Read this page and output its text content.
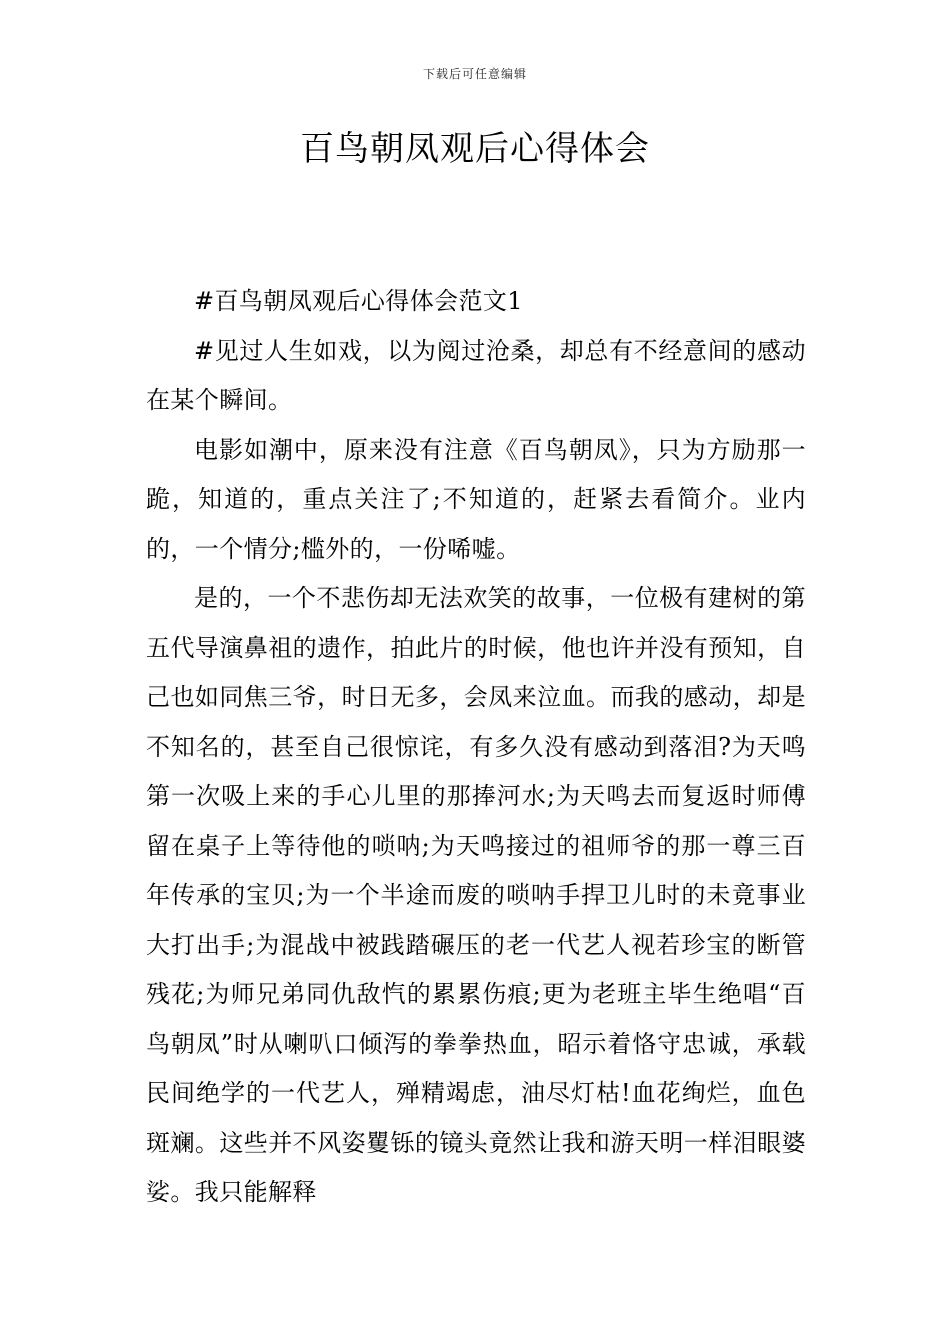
下载后可任意编辑
百鸟朝凤观后心得体会

#百鸟朝凤观后心得体会范文1

#见过人生如戏，以为阅过沧桑，却总有不经意间的感动在某个瞬间。

电影如潮中，原来没有注意《百鸟朝凤》，只为方励那一跪，知道的，重点关注了;不知道的，赶紧去看简介。业内的，一个情分;槛外的，一份唏嘘。

是的，一个不悲伤却无法欢笑的故事，一位极有建树的第五代导演鼻祖的遗作，拍此片的时候，他也许并没有预知，自己也如同焦三爷，时日无多，会凤来泣血。而我的感动，却是不知名的，甚至自己很惊诧，有多久没有感动到落泪?为天鸣第一次吸上来的手心儿里的那捧河水;为天鸣去而复返时师傅留在桌子上等待他的唢呐;为天鸣接过的祖师爷的那一尊三百年传承的宝贝;为一个半途而废的唢呐手捍卫儿时的未竟事业大打出手;为混战中被践踏碾压的老一代艺人视若珍宝的断管残花;为师兄弟同仇敌忾的累累伤痕;更为老班主毕生绝唱“百鸟朝凤”时从喇叭口倾泻的拳拳热血，昭示着恪守忠诚，承载民间绝学的一代艺人，殚精竭虑，油尽灯枯!血花绚烂，血色斑斓。这些并不风姿矍铄的镜头竟然让我和游天明一样泪眼婆娑。我只能解释
